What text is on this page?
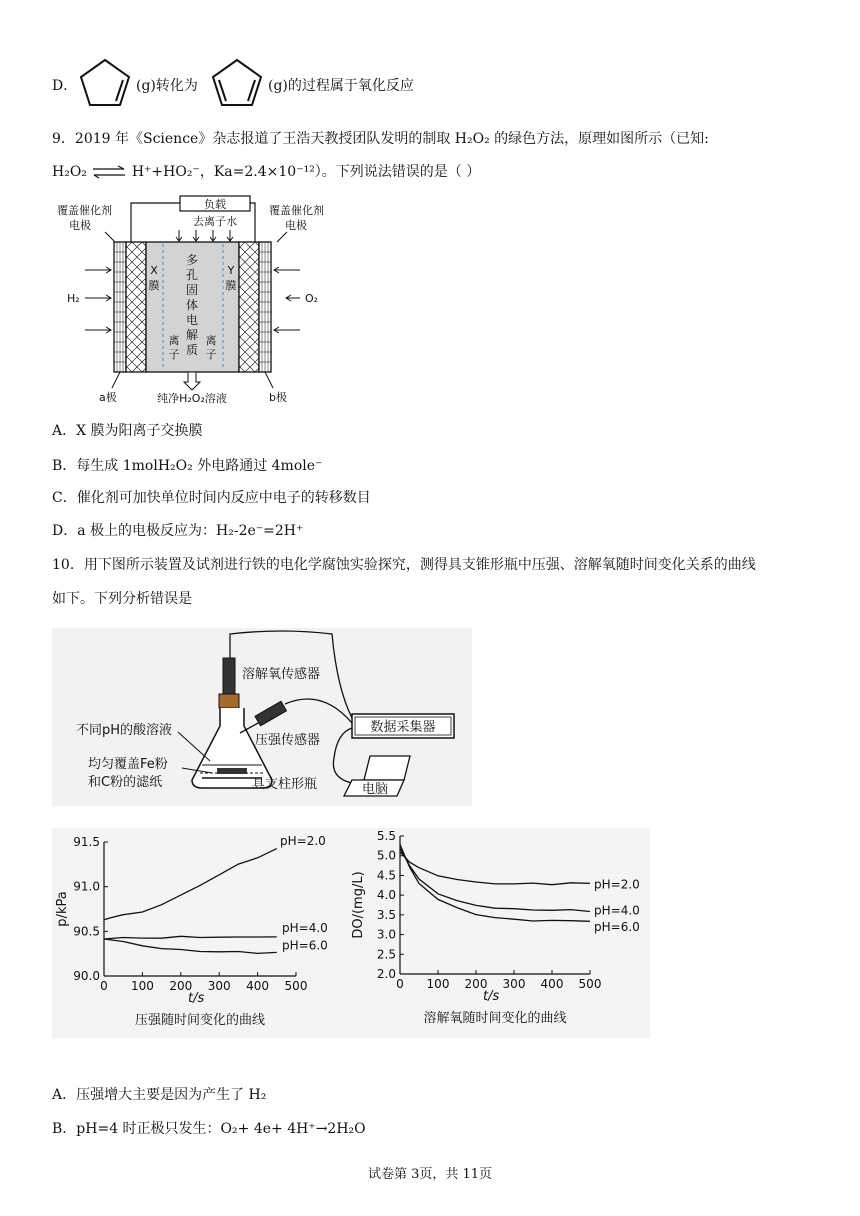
D．	(g)转化为	(g)的过程属于氧化反应
9．2019 年《Science》杂志报道了王浩天教授团队发明的制取 H₂O₂ 的绿色方法，原理如图所示（已知:
H₂O₂ ⇌ H⁺+HO₂⁻，Ka=2.4×10⁻¹²）。下列说法错误的是（ ）
负载
去离子水
覆盖催化剂
电极
覆盖催化剂
电极
X
膜
Y
膜
多
孔
固
体
电
解
质
离
子
离
子
H₂	O₂
a极	b极
纯净H₂O₂溶液
A．X 膜为阳离子交换膜
B．每生成 1molH₂O₂ 外电路通过 4mole⁻
C．催化剂可加快单位时间内反应中电子的转移数目
D．a 极上的电极反应为：H₂-2e⁻=2H⁺
10．用下图所示装置及试剂进行铁的电化学腐蚀实验探究，测得具支锥形瓶中压强、溶解氧随时间变化关系的曲线
如下。下列分析错误是
溶解氧传感器
压强传感器
数据采集器
电脑
不同pH的酸溶液
均匀覆盖Fe粉
和C粉的滤纸	具支柱形瓶
0 100 200 300 400 500
90.0
90.5
91.0
91.5
t/s
p/kPa
压强随时间变化的曲线
pH=2.0
pH=4.0
pH=6.0
0 100 200 300 400 500
2.0
2.5
3.0
3.5
4.0
4.5
5.0
5.5
t/s
DO/(mg/L)
溶解氧随时间变化的曲线
pH=2.0
pH=4.0
pH=6.0
A．压强增大主要是因为产生了 H₂
B．pH=4 时正极只发生：O₂+ 4e+ 4H⁺→2H₂O
试卷第 3页，共 11页
